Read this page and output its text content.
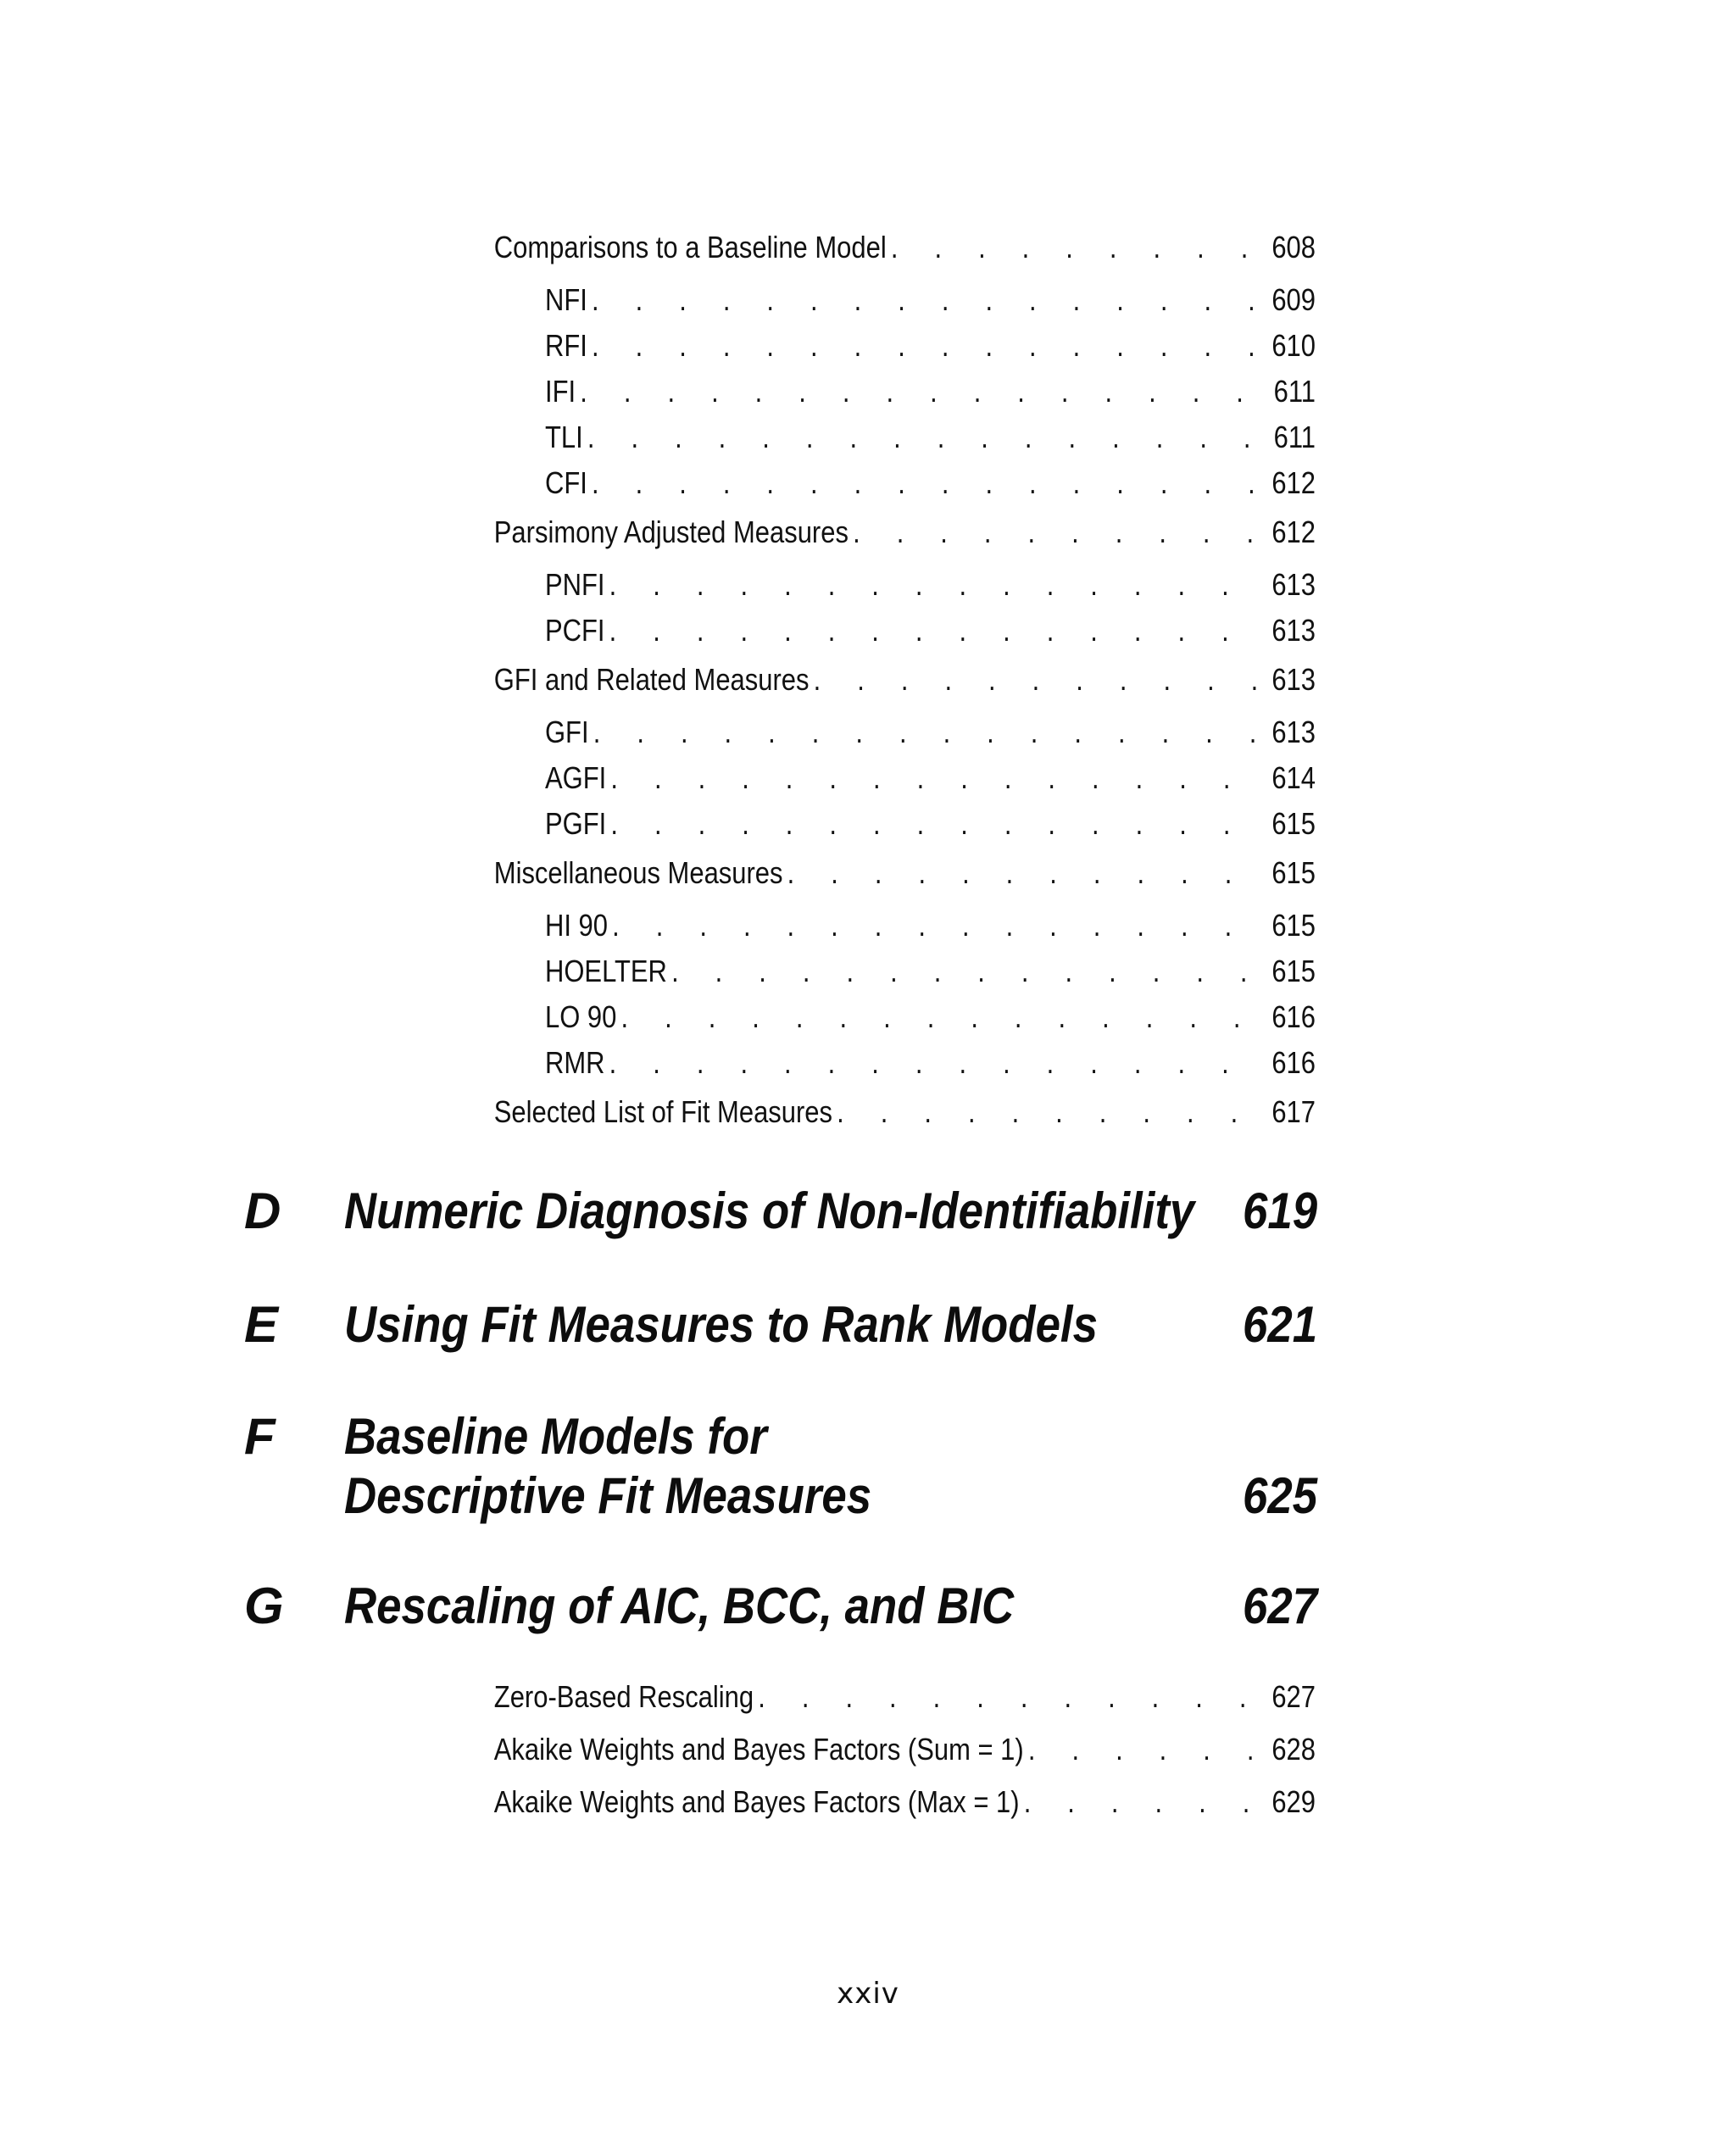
Comparisons to a Baseline Model . . .	608
NFI . . .	609
RFI . . .	610
IFI . . .	611
TLI . . .	611
CFI . . .	612
Parsimony Adjusted Measures . . .	612
PNFI . . .	613
PCFI . . .	613
GFI and Related Measures . . .	613
GFI . . .	613
AGFI . . .	614
PGFI . . .	615
Miscellaneous Measures . . .	615
HI 90 . . .	615
HOELTER . . .	615
LO 90 . . .	616
RMR . . .	616
Selected List of Fit Measures . . .	617
D Numeric Diagnosis of Non-Identifiability 619
E Using Fit Measures to Rank Models	621
F Baseline Models for
Descriptive Fit Measures	625
G Rescaling of AIC, BCC, and BIC	627
Zero-Based Rescaling . . .	627
Akaike Weights and Bayes Factors (Sum = 1) . . .	628
Akaike Weights and Bayes Factors (Max = 1) . . .	629
xxiv
